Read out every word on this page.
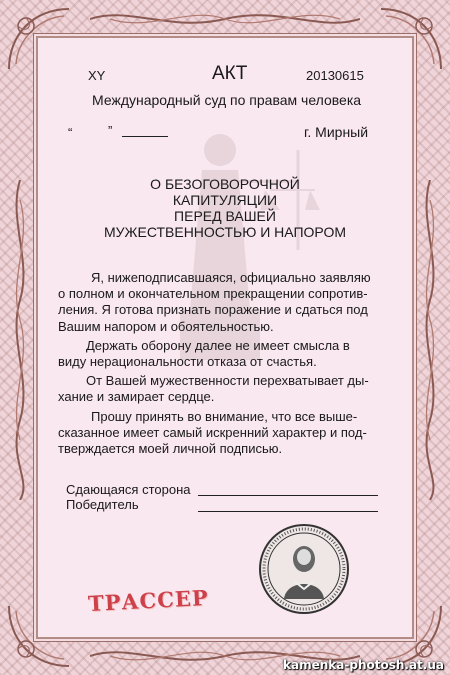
XY	АКТ	20130615
Международный суд по правам человека
“	”	г. Мирный
О БЕЗОГОВОРОЧНОЙ
КАПИТУЛЯЦИИ
ПЕРЕД ВАШЕЙ
МУЖЕСТВЕННОСТЬЮ И НАПОРОМ
Я, нижеподписавшаяся, официально заявляю
о полном и окончательном прекращении сопротив-
ления. Я готова признать поражение и сдаться под
Вашим напором и обоятельностью.
Держать оборону далее не имеет смысла в
виду нерациональности отказа от счастья.
От Вашей мужественности перехватывает ды-
хание и замирает сердце.
Прошу принять во внимание, что все выше-
сказанное имеет самый искренний характер и под-
тверждается моей личной подписью.
Сдающаяся сторона
Победитель
ТРАССЕР
kamenka-photosh.at.ua
